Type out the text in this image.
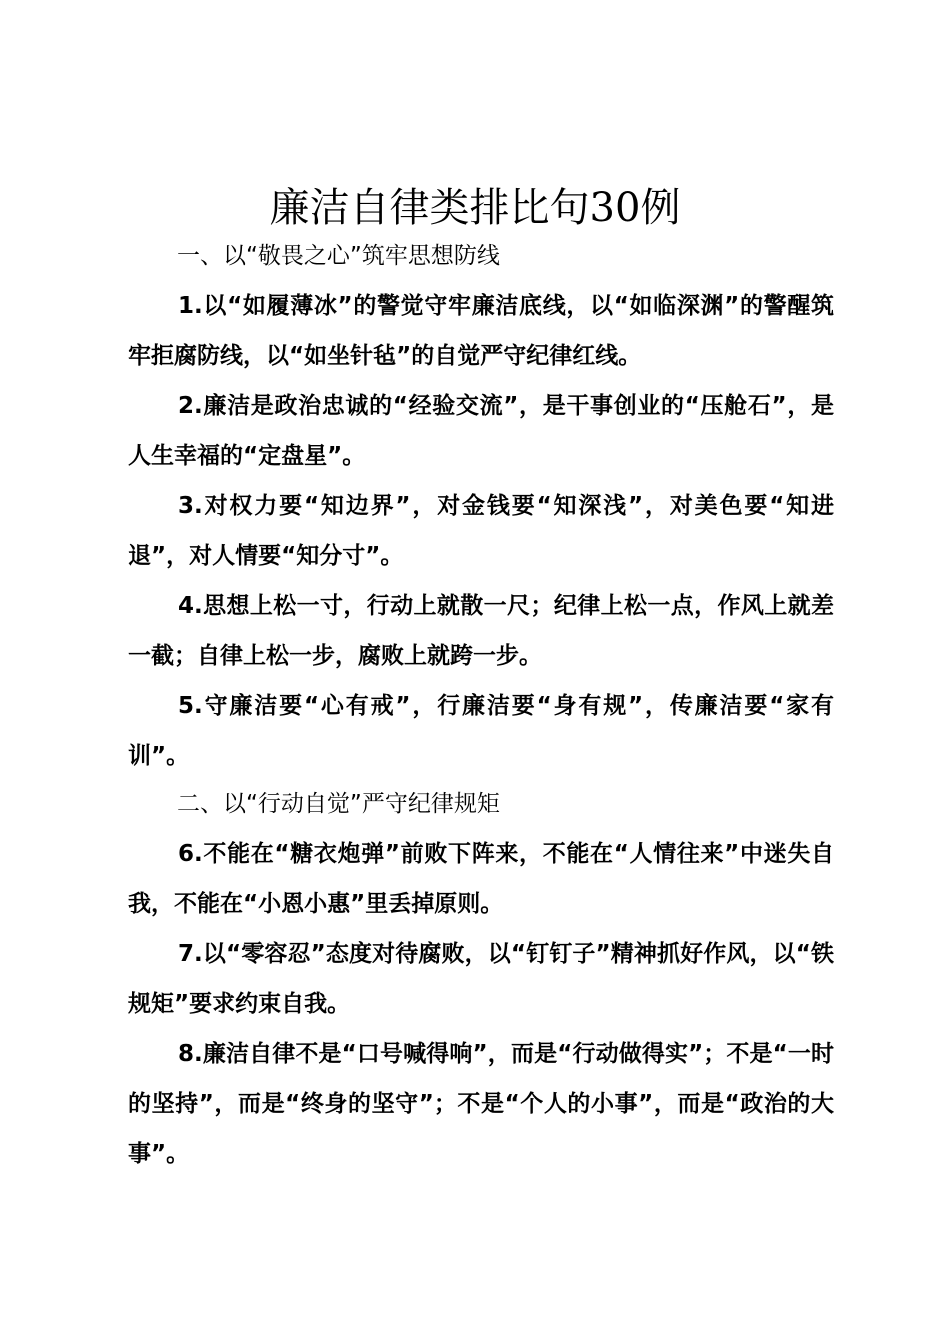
廉洁自律类排比句30例
一、以“敬畏之心”筑牢思想防线

1.以“如履薄冰”的警觉守牢廉洁底线，以“如临深渊”的警醒筑牢拒腐防线，以“如坐针毡”的自觉严守纪律红线。

2.廉洁是政治忠诚的“经验交流”，是干事创业的“压舱石”，是人生幸福的“定盘星”。

3.对权力要“知边界”，对金钱要“知深浅”，对美色要“知进退”，对人情要“知分寸”。

4.思想上松一寸，行动上就散一尺；纪律上松一点，作风上就差一截；自律上松一步，腐败上就跨一步。

5.守廉洁要“心有戒”，行廉洁要“身有规”，传廉洁要“家有训”。

二、以“行动自觉”严守纪律规矩

6.不能在“糖衣炮弹”前败下阵来，不能在“人情往来”中迷失自我，不能在“小恩小惠”里丢掉原则。

7.以“零容忍”态度对待腐败，以“钉钉子”精神抓好作风，以“铁规矩”要求约束自我。

8.廉洁自律不是“口号喊得响”，而是“行动做得实”；不是“一时的坚持”，而是“终身的坚守”；不是“个人的小事”，而是“政治的大事”。
